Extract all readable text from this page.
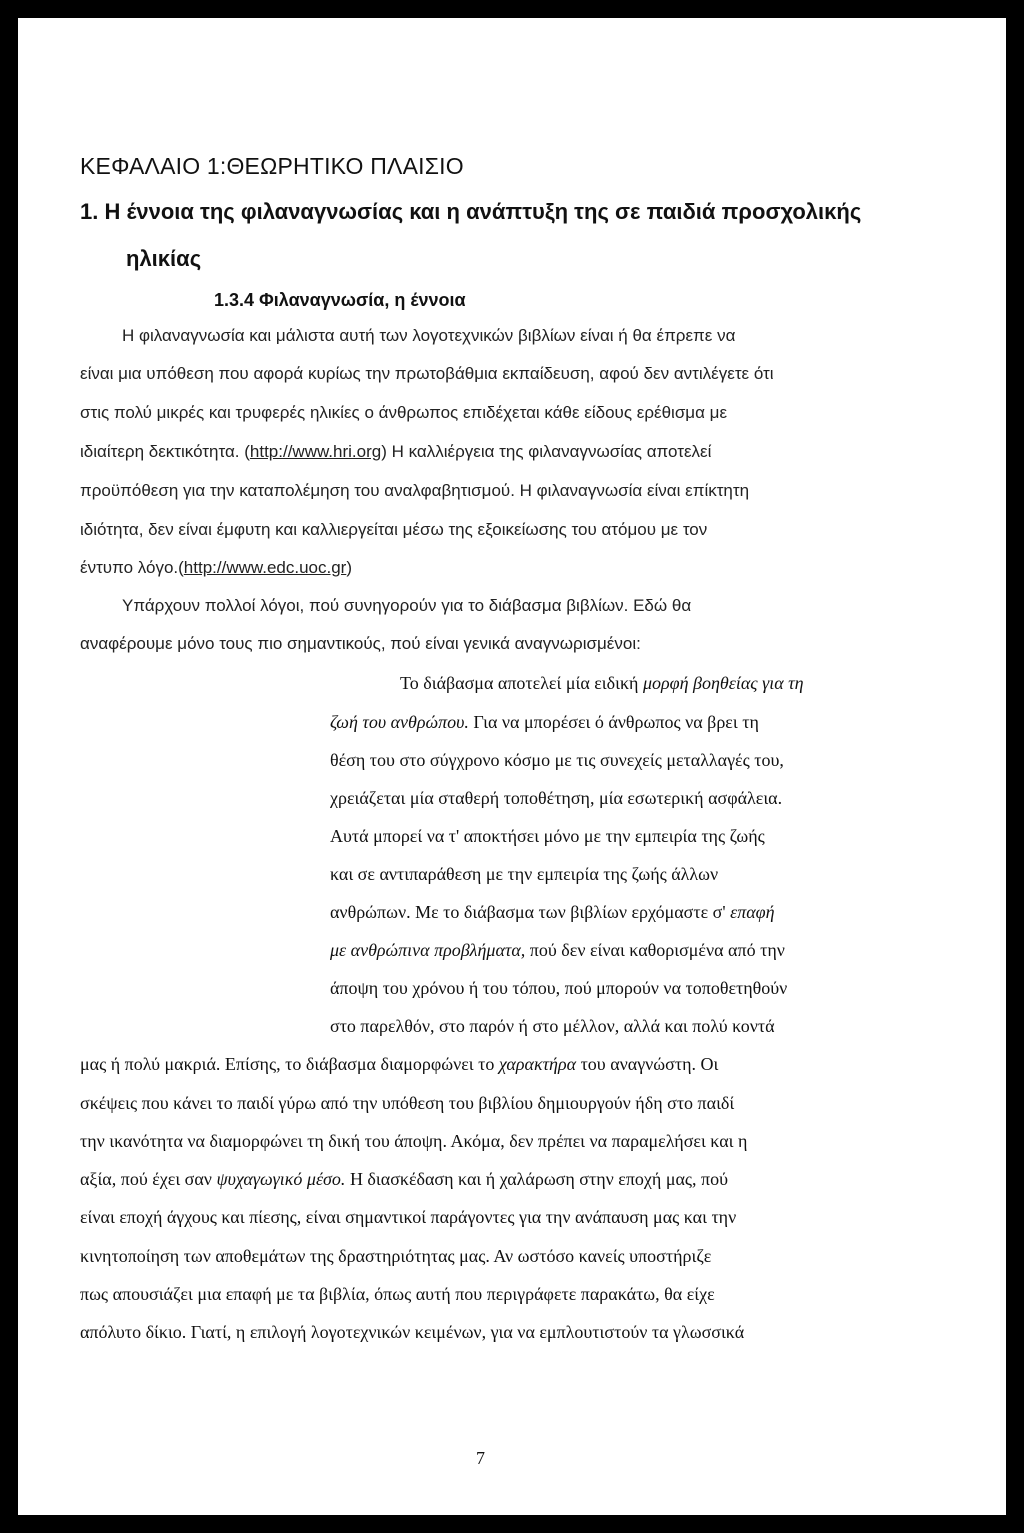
ΚΕΦΑΛΑΙΟ 1:ΘΕΩΡΗΤΙΚΟ ΠΛΑΙΣΙΟ
1. Η έννοια της φιλαναγνωσίας και η ανάπτυξη της σε παιδιά προσχολικής
ηλικίας
1.3.4 Φιλαναγνωσία, η έννοια
Η φιλαναγνωσία και μάλιστα αυτή των λογοτεχνικών βιβλίων είναι ή θα έπρεπε να
είναι μια υπόθεση που αφορά κυρίως την πρωτοβάθμια εκπαίδευση, αφού δεν αντιλέγετε ότι
στις πολύ μικρές και τρυφερές ηλικίες ο άνθρωπος επιδέχεται κάθε είδους ερέθισμα με
ιδιαίτερη δεκτικότητα. (http://www.hri.org) Η καλλιέργεια της φιλαναγνωσίας αποτελεί
προϋπόθεση για την καταπολέμηση του αναλφαβητισμού. Η φιλαναγνωσία είναι επίκτητη
ιδιότητα, δεν είναι έμφυτη και καλλιεργείται μέσω της εξοικείωσης του ατόμου με τον
έντυπο λόγο.(http://www.edc.uoc.gr)
Υπάρχουν πολλοί λόγοι, πού συνηγορούν για το διάβασμα βιβλίων. Εδώ θα
αναφέρουμε μόνο τους πιο σημαντικούς, πού είναι γενικά αναγνωρισμένοι:
Το διάβασμα αποτελεί μία ειδική μορφή βοηθείας για τη
ζωή του ανθρώπου. Για να μπορέσει ό άνθρωπος να βρει τη
θέση του στο σύγχρονο κόσμο με τις συνεχείς μεταλλαγές του,
χρειάζεται μία σταθερή τοποθέτηση, μία εσωτερική ασφάλεια.
Αυτά μπορεί να τ' αποκτήσει μόνο με την εμπειρία της ζωής
και σε αντιπαράθεση με την εμπειρία της ζωής άλλων
ανθρώπων. Με το διάβασμα των βιβλίων ερχόμαστε σ' επαφή
με ανθρώπινα προβλήματα, πού δεν είναι καθορισμένα από την
άποψη του χρόνου ή του τόπου, πού μπορούν να τοποθετηθούν
στο παρελθόν, στο παρόν ή στο μέλλον, αλλά και πολύ κοντά
μας ή πολύ μακριά. Επίσης, το διάβασμα διαμορφώνει το χαρακτήρα του αναγνώστη. Οι
σκέψεις που κάνει το παιδί γύρω από την υπόθεση του βιβλίου δημιουργούν ήδη στο παιδί
την ικανότητα να διαμορφώνει τη δική του άποψη. Ακόμα, δεν πρέπει να παραμελήσει και η
αξία, πού έχει σαν ψυχαγωγικό μέσο. Η διασκέδαση και ή χαλάρωση στην εποχή μας, πού
είναι εποχή άγχους και πίεσης, είναι σημαντικοί παράγοντες για την ανάπαυση μας και την
κινητοποίηση των αποθεμάτων της δραστηριότητας μας. Αν ωστόσο κανείς υποστήριζε
πως απουσιάζει μια επαφή με τα βιβλία, όπως αυτή που περιγράφετε παρακάτω, θα είχε
απόλυτο δίκιο. Γιατί, η επιλογή λογοτεχνικών κειμένων, για να εμπλουτιστούν τα γλωσσικά
7
